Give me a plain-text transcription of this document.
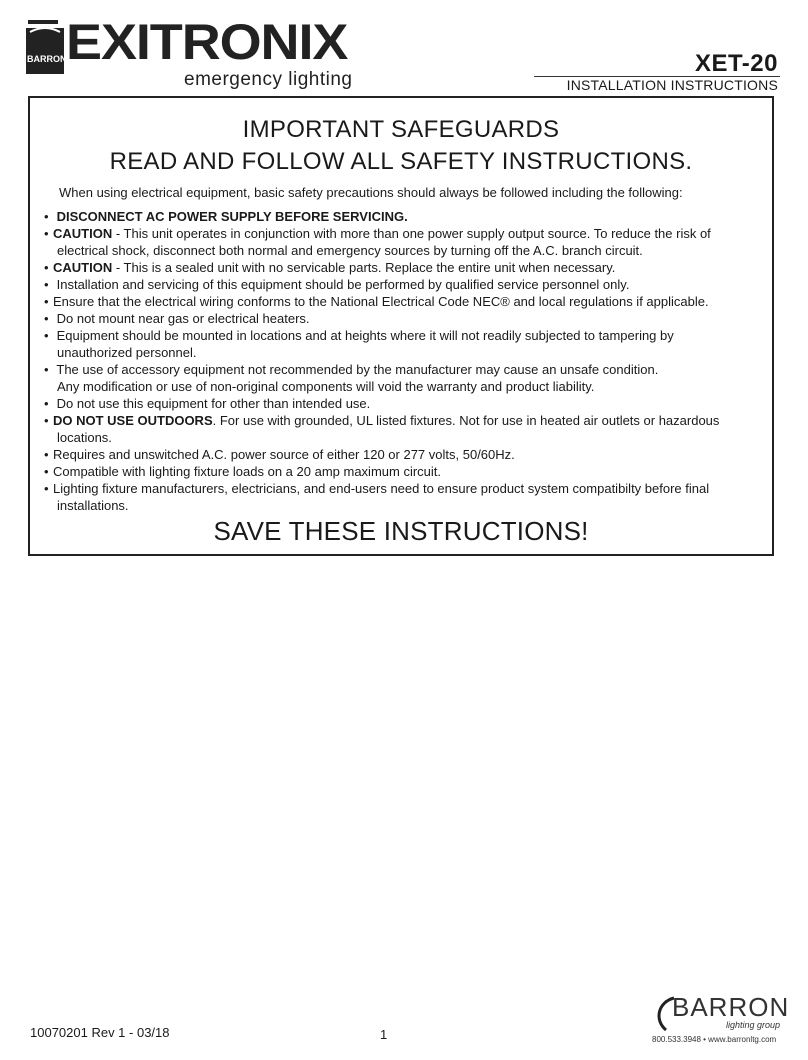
BARRON EXITRONIX
emergency lighting
XET-20
INSTALLATION INSTRUCTIONS
IMPORTANT SAFEGUARDS
READ AND FOLLOW ALL SAFETY INSTRUCTIONS.
When using electrical equipment, basic safety precautions should always be followed including the following:
• DISCONNECT AC POWER SUPPLY BEFORE SERVICING.
• CAUTION - This unit operates in conjunction with more than one power supply output source. To reduce the risk of
electrical shock, disconnect both normal and emergency sources by turning off the A.C. branch circuit.
• CAUTION - This is a sealed unit with no servicable parts. Replace the entire unit when necessary.
• Installation and servicing of this equipment should be performed by qualified service personnel only.
• Ensure that the electrical wiring conforms to the National Electrical Code NEC® and local regulations if applicable.
• Do not mount near gas or electrical heaters.
• Equipment should be mounted in locations and at heights where it will not readily subjected to tampering by
unauthorized personnel.
• The use of accessory equipment not recommended by the manufacturer may cause an unsafe condition.
Any modification or use of non-original components will void the warranty and product liability.
• Do not use this equipment for other than intended use.
• DO NOT USE OUTDOORS. For use with grounded, UL listed fixtures. Not for use in heated air outlets or hazardous
locations.
• Requires and unswitched A.C. power source of either 120 or 277 volts, 50/60Hz.
• Compatible with lighting fixture loads on a 20 amp maximum circuit.
• Lighting fixture manufacturers, electricians, and end-users need to ensure product system compatibilty before final
installations.
SAVE THESE INSTRUCTIONS!
10070201 Rev 1 - 03/18	1
BARRON
lighting group
800.533.3948 • www.barronltg.com
